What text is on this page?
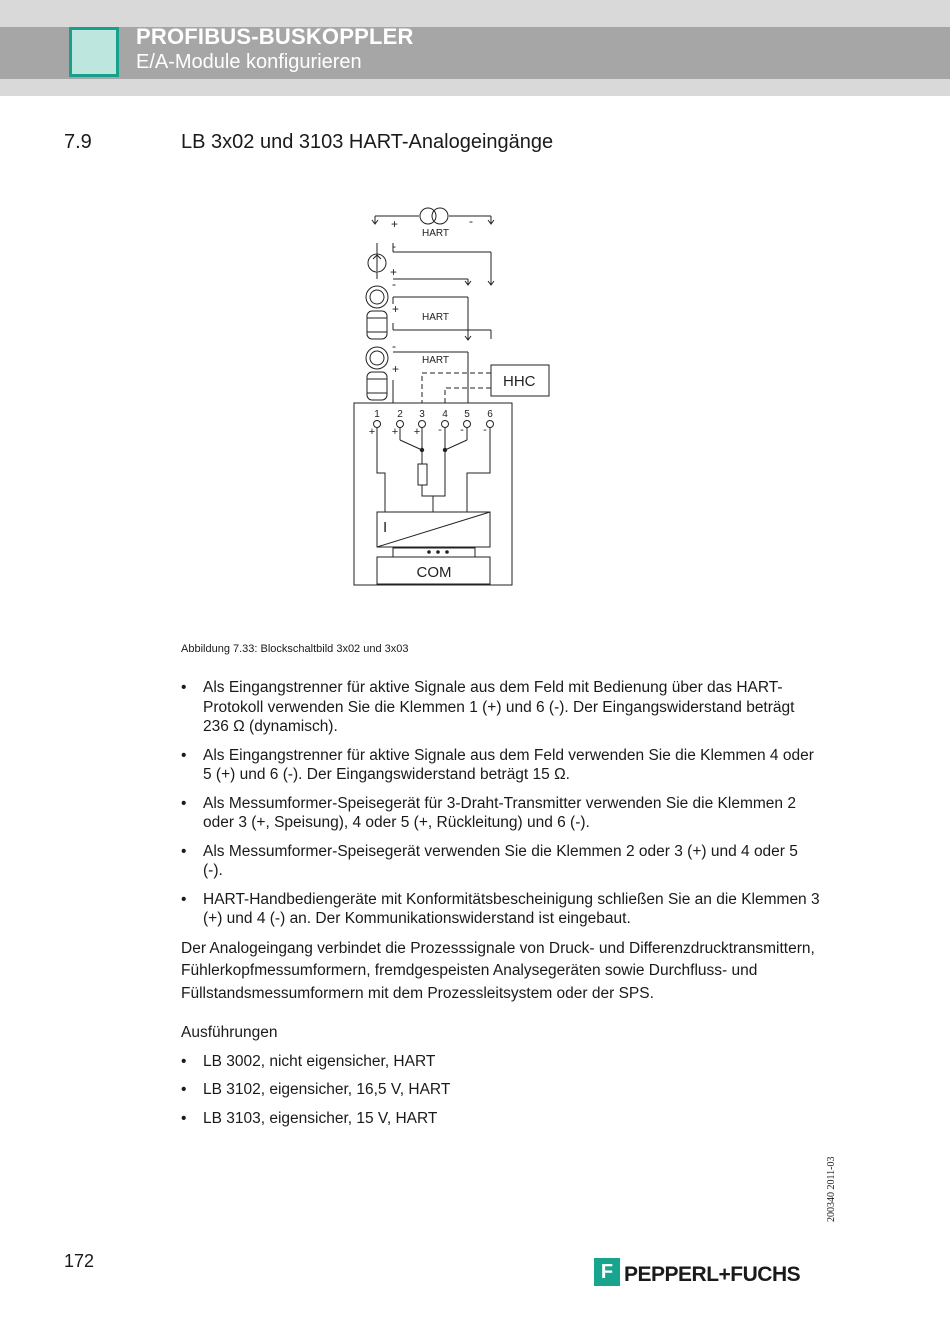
PROFIBUS-BUSKOPPLER
E/A-Module konfigurieren
7.9	LB 3x02 und 3103 HART-Analogeingänge
+	-
-
+
-
+
-
+
HART
HART
HART
HHC
1 2 3 4 5 6
+ + + - - -
I
COM
Abbildung 7.33: Blockschaltbild 3x02 und 3x03
• Als Eingangstrenner für aktive Signale aus dem Feld mit Bedienung über das HART-Protokoll verwenden Sie die Klemmen 1 (+) und 6 (-). Der Eingangswiderstand beträgt 236 Ω (dynamisch).
• Als Eingangstrenner für aktive Signale aus dem Feld verwenden Sie die Klemmen 4 oder 5 (+) und 6 (-). Der Eingangswiderstand beträgt 15 Ω.
• Als Messumformer-Speisegerät für 3-Draht-Transmitter verwenden Sie die Klemmen 2 oder 3 (+, Speisung), 4 oder 5 (+, Rückleitung) und 6 (-).
• Als Messumformer-Speisegerät verwenden Sie die Klemmen 2 oder 3 (+) und 4 oder 5 (-).
• HART-Handbediengeräte mit Konformitätsbescheinigung schließen Sie an die Klemmen 3 (+) und 4 (-) an. Der Kommunikationswiderstand ist eingebaut.

Der Analogeingang verbindet die Prozesssignale von Druck- und Differenzdrucktransmittern, Fühlerkopfmessumformern, fremdgespeisten Analysegeräten sowie Durchfluss- und Füllstandsmessumformern mit dem Prozessleitsystem oder der SPS.

Ausführungen
• LB 3002, nicht eigensicher, HART
• LB 3102, eigensicher, 16,5 V, HART
• LB 3103, eigensicher, 15 V, HART
200340 2011-03
172	F PEPPERL+FUCHS
